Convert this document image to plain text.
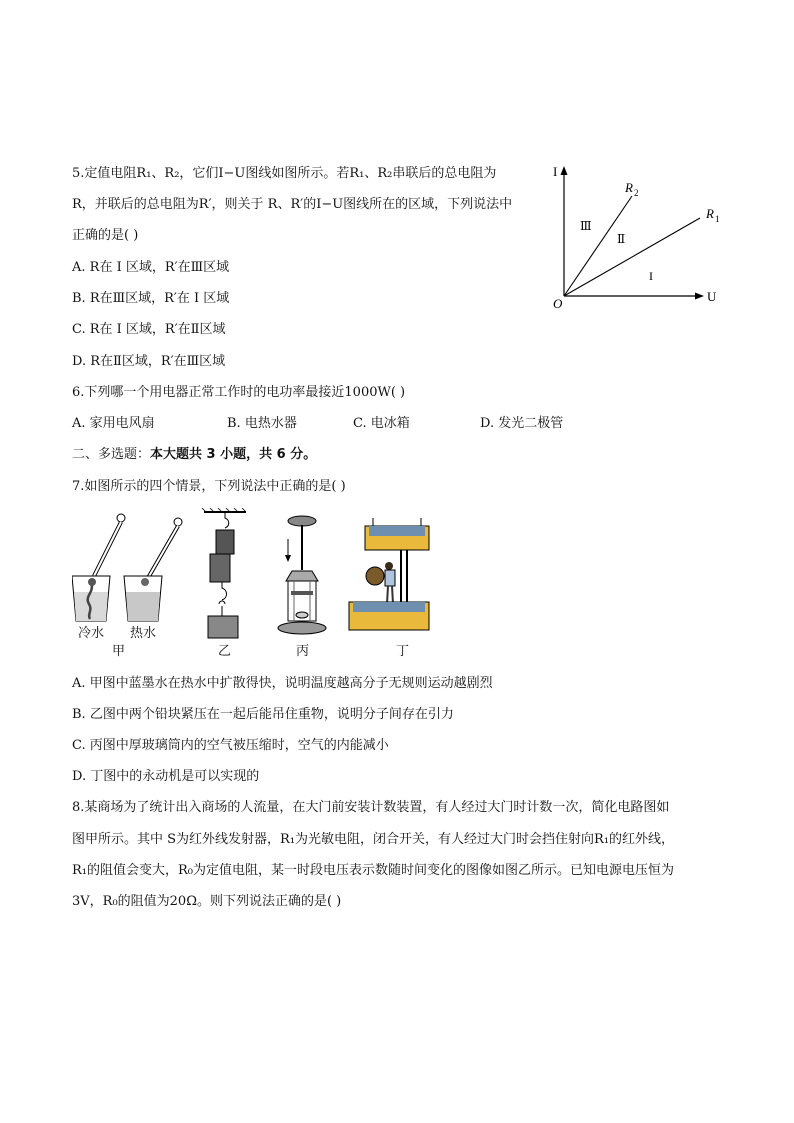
5.定值电阻R₁、R₂，它们I−U图线如图所示。若R₁、R₂串联后的总电阻为
R，并联后的总电阻为R′，则关于 R、R′的I−U图线所在的区域，下列说法中
正确的是( )
A. R在 I 区域，R′在Ⅲ区域
B. R在Ⅲ区域，R′在 I 区域
C. R在 I 区域，R′在Ⅱ区域
D. R在Ⅱ区域，R′在Ⅲ区域
I
U
O
R 2
R 1
Ⅲ
Ⅱ
I
6.下列哪一个用电器正常工作时的电功率最接近1000W( )
A. 家用电风扇	B. 电热水器	C. 电冰箱	D. 发光二极管
二、多选题：本大题共 3 小题，共 6 分。
7.如图所示的四个情景，下列说法中正确的是( )
冷水 热水
甲	乙	丙	丁
A. 甲图中蓝墨水在热水中扩散得快，说明温度越高分子无规则运动越剧烈
B. 乙图中两个铅块紧压在一起后能吊住重物，说明分子间存在引力
C. 丙图中厚玻璃筒内的空气被压缩时，空气的内能减小
D. 丁图中的永动机是可以实现的
8.某商场为了统计出入商场的人流量，在大门前安装计数装置，有人经过大门时计数一次，简化电路图如
图甲所示。其中 S为红外线发射器，R₁为光敏电阻，闭合开关，有人经过大门时会挡住射向R₁的红外线，
R₁的阻值会变大，R₀为定值电阻，某一时段电压表示数随时间变化的图像如图乙所示。已知电源电压恒为
3V，R₀的阻值为20Ω。则下列说法正确的是( )
